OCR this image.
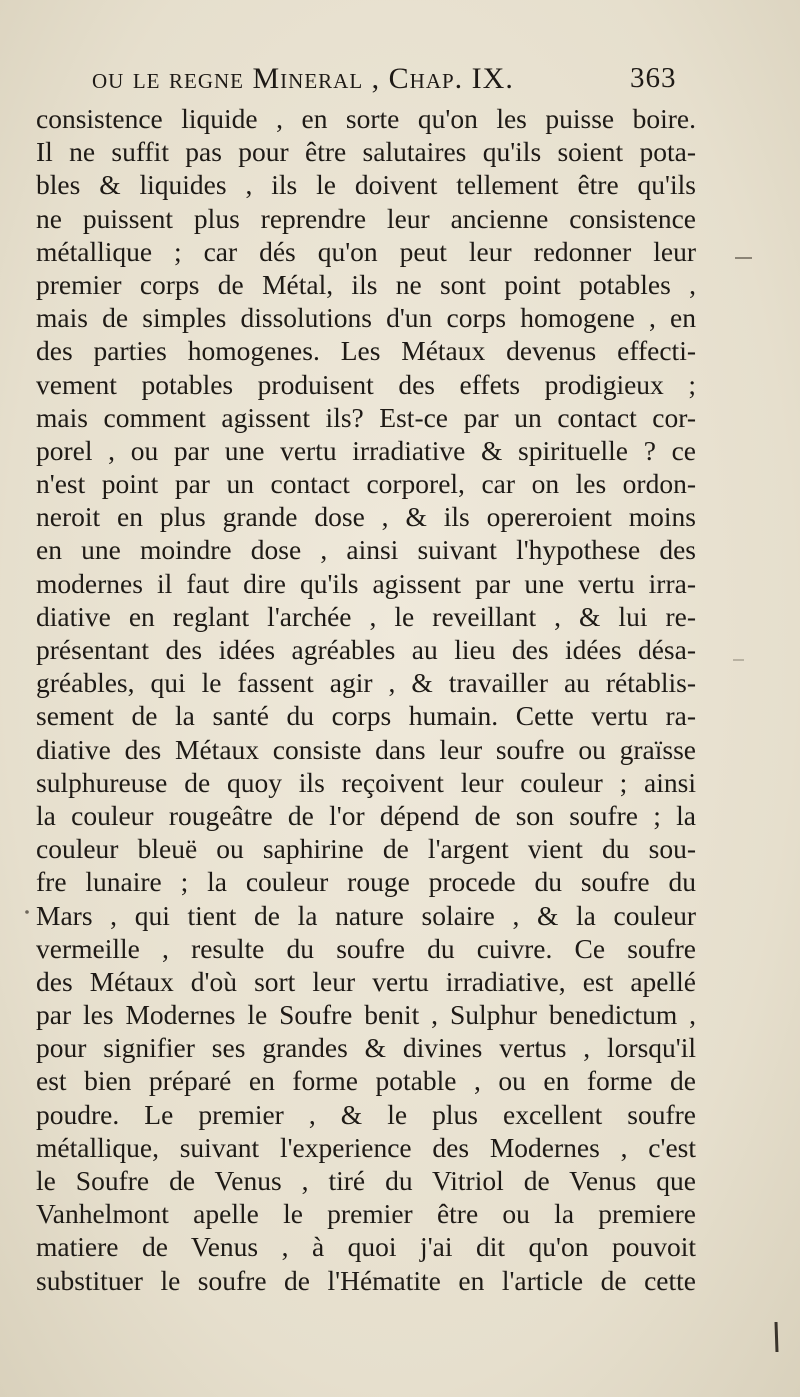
ou le regne Mineral , Chap. IX.	363
consistence liquide , en sorte qu'on les puisse boire.
Il ne suffit pas pour être salutaires qu'ils soient pota-
bles & liquides , ils le doivent tellement être qu'ils
ne puissent plus reprendre leur ancienne consistence
métallique ; car dés qu'on peut leur redonner leur
premier corps de Métal, ils ne sont point potables ,
mais de simples dissolutions d'un corps homogene , en
des parties homogenes. Les Métaux devenus effecti-
vement potables produisent des effets prodigieux ;
mais comment agissent ils? Est-ce par un contact cor-
porel , ou par une vertu irradiative & spirituelle ? ce
n'est point par un contact corporel, car on les ordon-
neroit en plus grande dose , & ils opereroient moins
en une moindre dose , ainsi suivant l'hypothese des
modernes il faut dire qu'ils agissent par une vertu irra-
diative en reglant l'archée , le reveillant , & lui re-
présentant des idées agréables au lieu des idées désa-
gréables, qui le fassent agir , & travailler au rétablis-
sement de la santé du corps humain. Cette vertu ra-
diative des Métaux consiste dans leur soufre ou graïsse
sulphureuse de quoy ils reçoivent leur couleur ; ainsi
la couleur rougeâtre de l'or dépend de son soufre ; la
couleur bleuë ou saphirine de l'argent vient du sou-
fre lunaire ; la couleur rouge procede du soufre du
Mars , qui tient de la nature solaire , & la couleur
vermeille , resulte du soufre du cuivre. Ce soufre
des Métaux d'où sort leur vertu irradiative, est apellé
par les Modernes le Soufre benit , Sulphur benedictum ,
pour signifier ses grandes & divines vertus , lorsqu'il
est bien préparé en forme potable , ou en forme de
poudre. Le premier , & le plus excellent soufre
métallique, suivant l'experience des Modernes , c'est
le Soufre de Venus , tiré du Vitriol de Venus que
Vanhelmont apelle le premier être ou la premiere
matiere de Venus , à quoi j'ai dit qu'on pouvoit
substituer le soufre de l'Hématite en l'article de cette
